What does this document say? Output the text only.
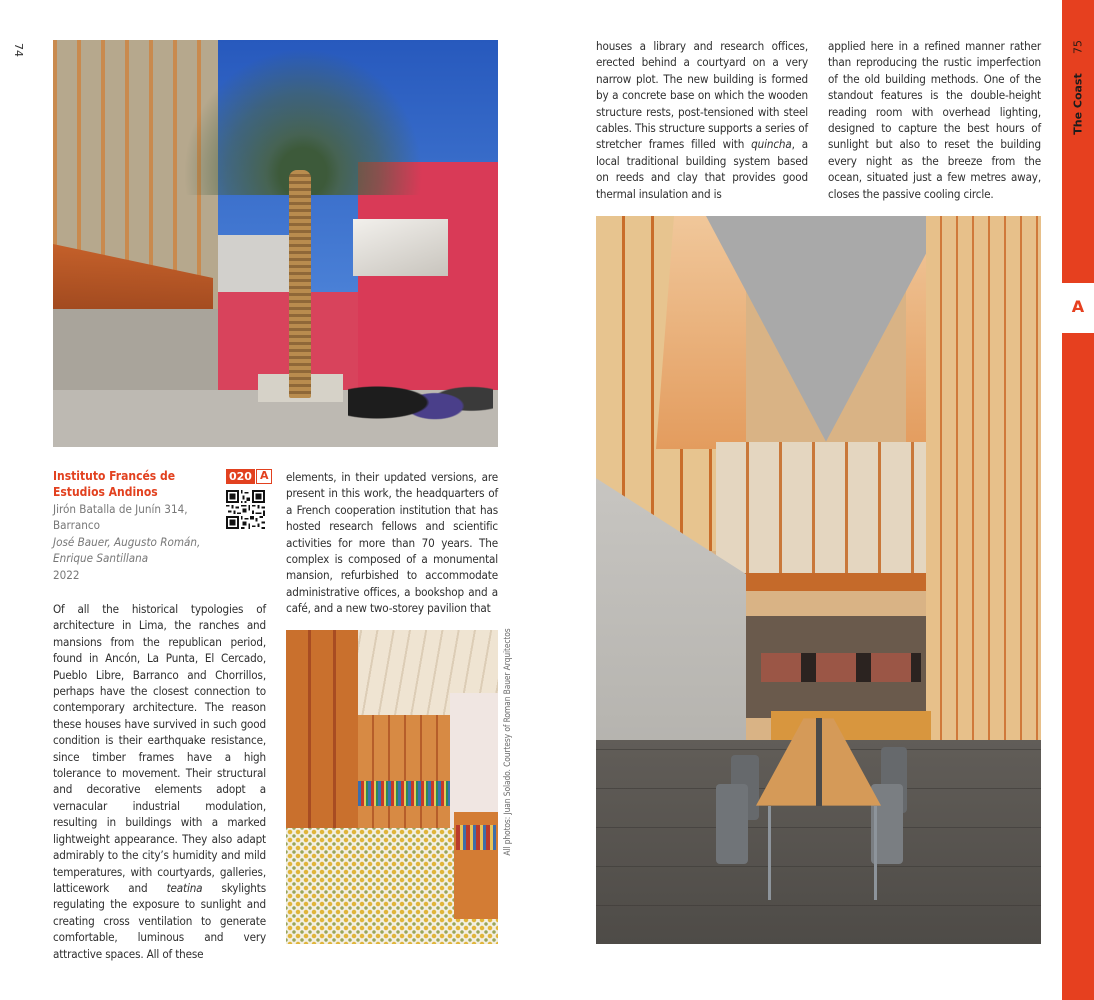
74
Instituto Francés de
Estudios Andinos
020 A
Jirón Batalla de Junín 314,
Barranco
José Bauer, Augusto Román,
Enrique Santillana
2022
Of all the historical typologies of architecture in Lima, the ranches and mansions from the republican period, found in Ancón, La Punta, El Cercado, Pueblo Libre, Barranco and Chorrillos, perhaps have the closest connection to contemporary architecture. The reason these houses have survived in such good condition is their earthquake resistance, since timber frames have a high tolerance to movement. Their structural and decorative elements adopt a vernacular industrial modulation, resulting in buildings with a marked lightweight appearance. They also adapt admirably to the city’s humidity and mild temperatures, with courtyards, galleries, latticework and teatina skylights regulating the exposure to sunlight and creating cross ventilation to generate comfortable, luminous and very attractive spaces. All of these
elements, in their updated versions, are present in this work, the headquarters of a French cooperation institution that has hosted research fellows and scientific activities for more than 70 years. The complex is composed of a monumental mansion, refurbished to accommodate administrative offices, a bookshop and a café, and a new two-storey pavilion that
All photos: Juan Solado. Courtesy of Roman Bauer Arquitectos
houses a library and research offices, erected behind a courtyard on a very narrow plot. The new building is formed by a concrete base on which the wooden structure rests, post-tensioned with steel cables. This structure supports a series of stretcher frames filled with quincha, a local traditional building system based on reeds and clay that provides good thermal insulation and is
applied here in a refined manner rather than reproducing the rustic imperfection of the old building methods. One of the standout features is the double-height reading room with overhead lighting, designed to capture the best hours of sunlight but also to reset the building every night as the breeze from the ocean, situated just a few metres away, closes the passive cooling circle.
75
The Coast
A
